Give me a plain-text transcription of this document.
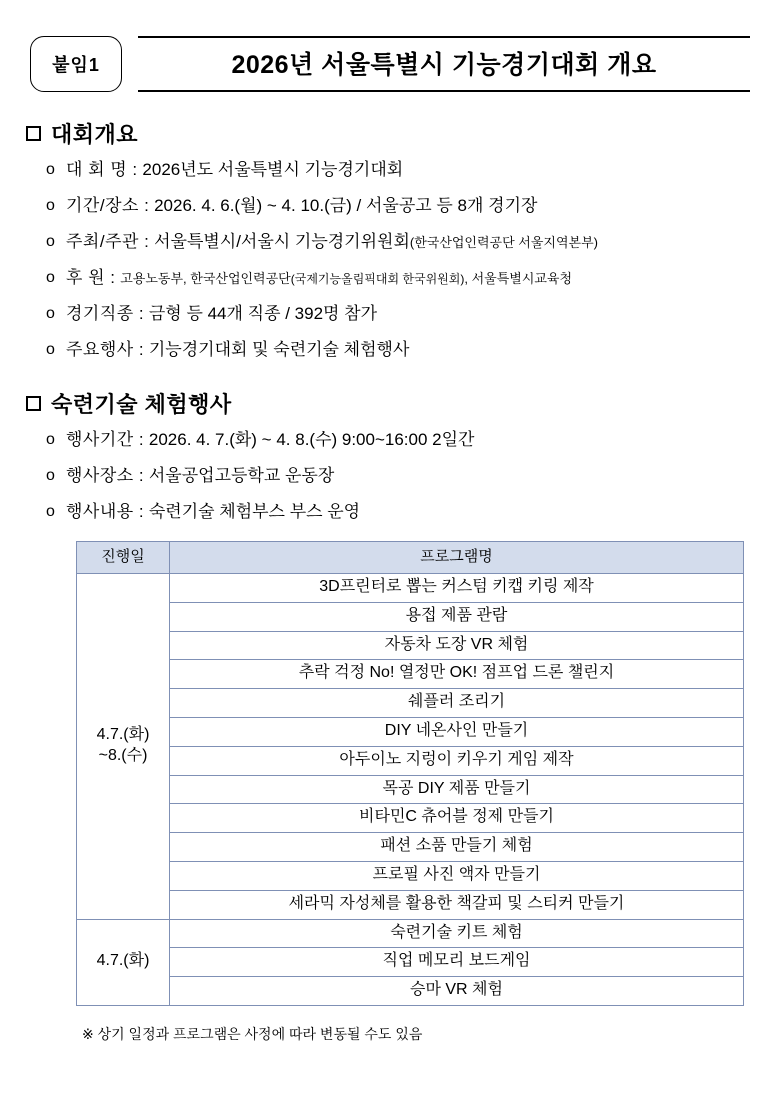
붙임1	2026년 서울특별시 기능경기대회 개요
대회개요
o 대 회 명 : 2026년도 서울특별시 기능경기대회
o 기간/장소 : 2026. 4. 6.(월) ~ 4. 10.(금) / 서울공고 등 8개 경기장
o 주최/주관 : 서울특별시/서울시 기능경기위원회(한국산업인력공단 서울지역본부)
o 후 원 : 고용노동부, 한국산업인력공단(국제기능올림픽대회 한국위원회), 서울특별시교육청
o 경기직종 : 금형 등 44개 직종 / 392명 참가
o 주요행사 : 기능경기대회 및 숙련기술 체험행사
숙련기술 체험행사
o 행사기간 : 2026. 4. 7.(화) ~ 4. 8.(수) 9:00~16:00 2일간
o 행사장소 : 서울공업고등학교 운동장
o 행사내용 : 숙련기술 체험부스 부스 운영
진행일	프로그램명

4.7.(화)
~8.(수)	3D프린터로 뽑는 커스텀 키캡 키링 제작
	용접 제품 관람
	자동차 도장 VR 체험
	추락 걱정 No! 열정만 OK! 점프업 드론 챌린지
	쉐플러 조리기
	DIY 네온사인 만들기
	아두이노 지렁이 키우기 게임 제작
	목공 DIY 제품 만들기
	비타민C 츄어블 정제 만들기
	패션 소품 만들기 체험
	프로필 사진 액자 만들기
	세라믹 자성체를 활용한 책갈피 및 스티커 만들기
4.7.(화)	숙련기술 키트 체험
	직업 메모리 보드게임
	승마 VR 체험
※ 상기 일정과 프로그램은 사정에 따라 변동될 수도 있음
